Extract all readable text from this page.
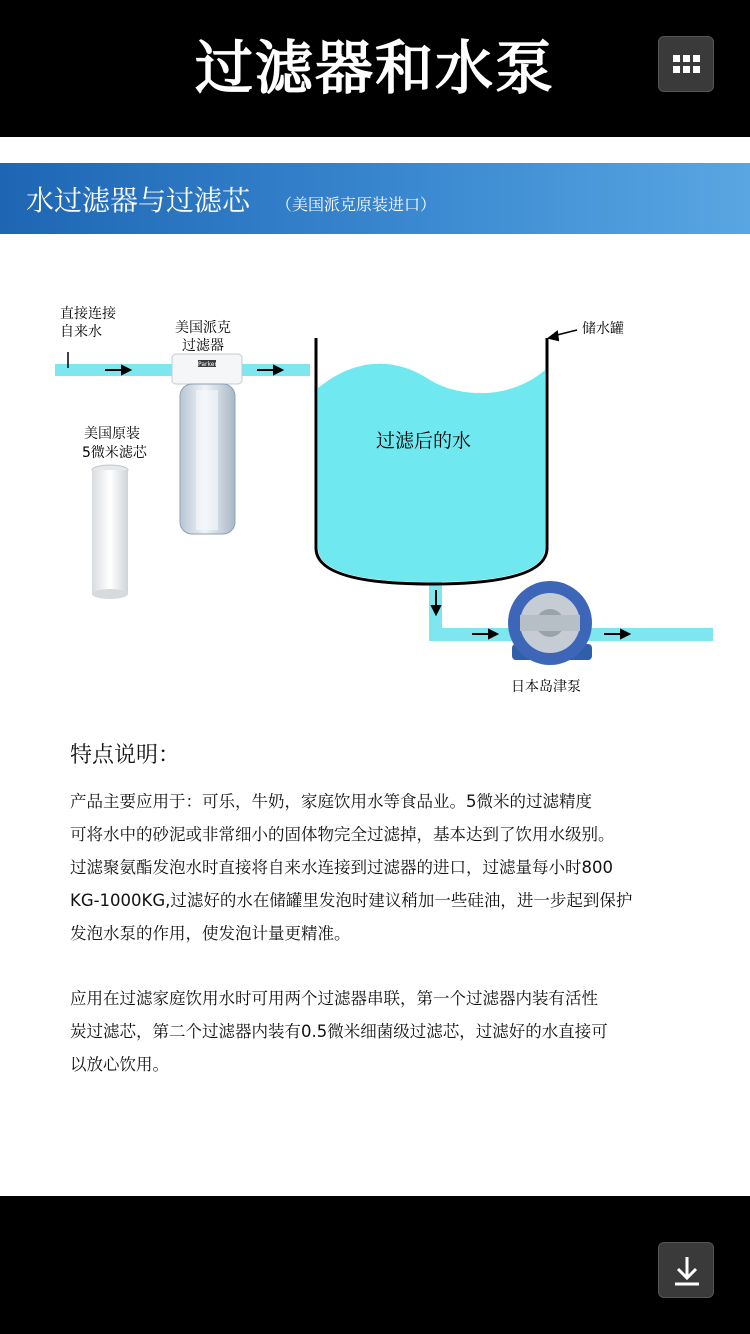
过滤器和水泵
水过滤器与过滤芯 （美国派克原装进口）
直接连接
自来水	美国派克
过滤器
美国原装
5微米滤芯
储水罐
过滤后的水
日本岛津泵
Parker
特点说明：
产品主要应用于：可乐，牛奶，家庭饮用水等食品业。5微米的过滤精度
可将水中的砂泥或非常细小的固体物完全过滤掉，基本达到了饮用水级别。
过滤聚氨酯发泡水时直接将自来水连接到过滤器的进口，过滤量每小时800
KG-1000KG,过滤好的水在储罐里发泡时建议稍加一些硅油，进一步起到保护
发泡水泵的作用，使发泡计量更精准。
应用在过滤家庭饮用水时可用两个过滤器串联，第一个过滤器内装有活性
炭过滤芯，第二个过滤器内装有0.5微米细菌级过滤芯，过滤好的水直接可
以放心饮用。
